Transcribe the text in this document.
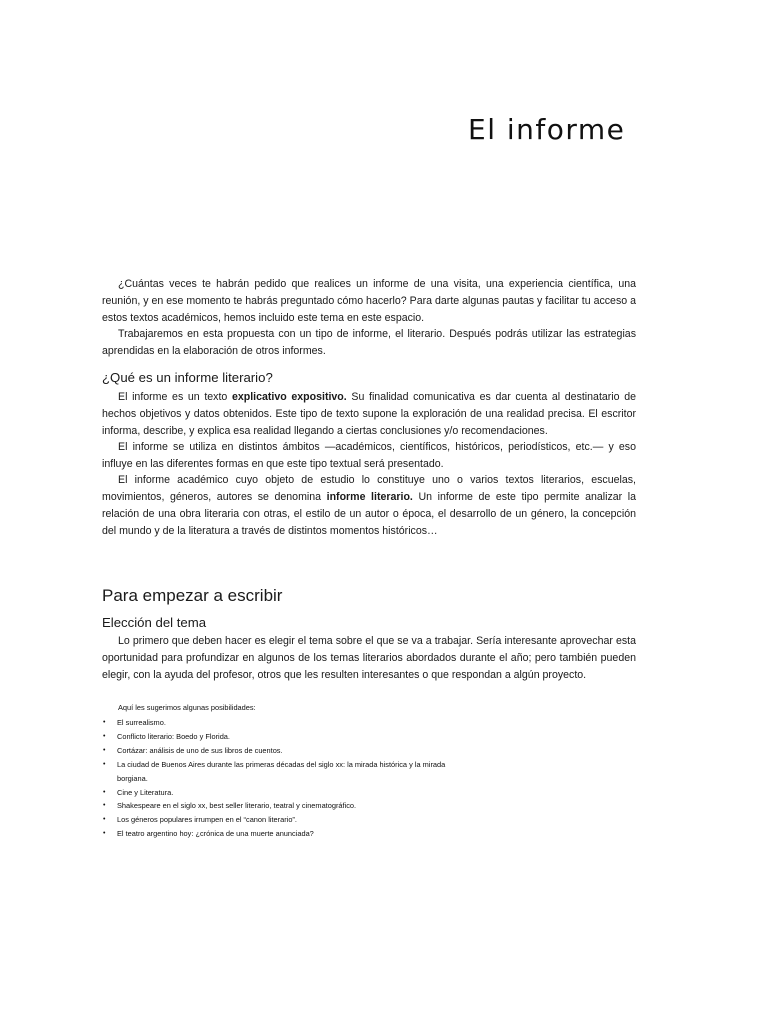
El informe

¿Cuántas veces te habrán pedido que realices un informe de una visita, una experiencia científica, una reunión, y en ese momento te habrás preguntado cómo hacerlo? Para darte algunas pautas y facilitar tu acceso a estos textos académicos, hemos incluido este tema en este espacio.

Trabajaremos en esta propuesta con un tipo de informe, el literario. Después podrás utilizar las estrategias aprendidas en la elaboración de otros informes.

¿Qué es un informe literario?

El informe es un texto explicativo expositivo. Su finalidad comunicativa es dar cuenta al destinatario de hechos objetivos y datos obtenidos. Este tipo de texto supone la exploración de una realidad precisa. El escritor informa, describe, y explica esa realidad llegando a ciertas conclusiones y/o recomendaciones.

El informe se utiliza en distintos ámbitos —académicos, científicos, históricos, periodísticos, etc.— y eso influye en las diferentes formas en que este tipo textual será presentado.

El informe académico cuyo objeto de estudio lo constituye uno o varios textos literarios, escuelas, movimientos, géneros, autores se denomina informe literario. Un informe de este tipo permite analizar la relación de una obra literaria con otras, el estilo de un autor o época, el desarrollo de un género, la concepción del mundo y de la literatura a través de distintos momentos históricos…

Para empezar a escribir
Elección del tema

Lo primero que deben hacer es elegir el tema sobre el que se va a trabajar. Sería interesante aprovechar esta oportunidad para profundizar en algunos de los temas literarios abordados durante el año; pero también pueden elegir, con la ayuda del profesor, otros que les resulten interesantes o que respondan a algún proyecto.

Aquí les sugerimos algunas posibilidades:

• El surrealismo.
• Conflicto literario: Boedo y Florida.
• Cortázar: análisis de uno de sus libros de cuentos.
• La ciudad de Buenos Aires durante las primeras décadas del siglo xx: la mirada histórica y la mirada
borgiana.
• Cine y Literatura.
• Shakespeare en el siglo xx, best seller literario, teatral y cinematográfico.
• Los géneros populares irrumpen en el “canon literario”.
• El teatro argentino hoy: ¿crónica de una muerte anunciada?
